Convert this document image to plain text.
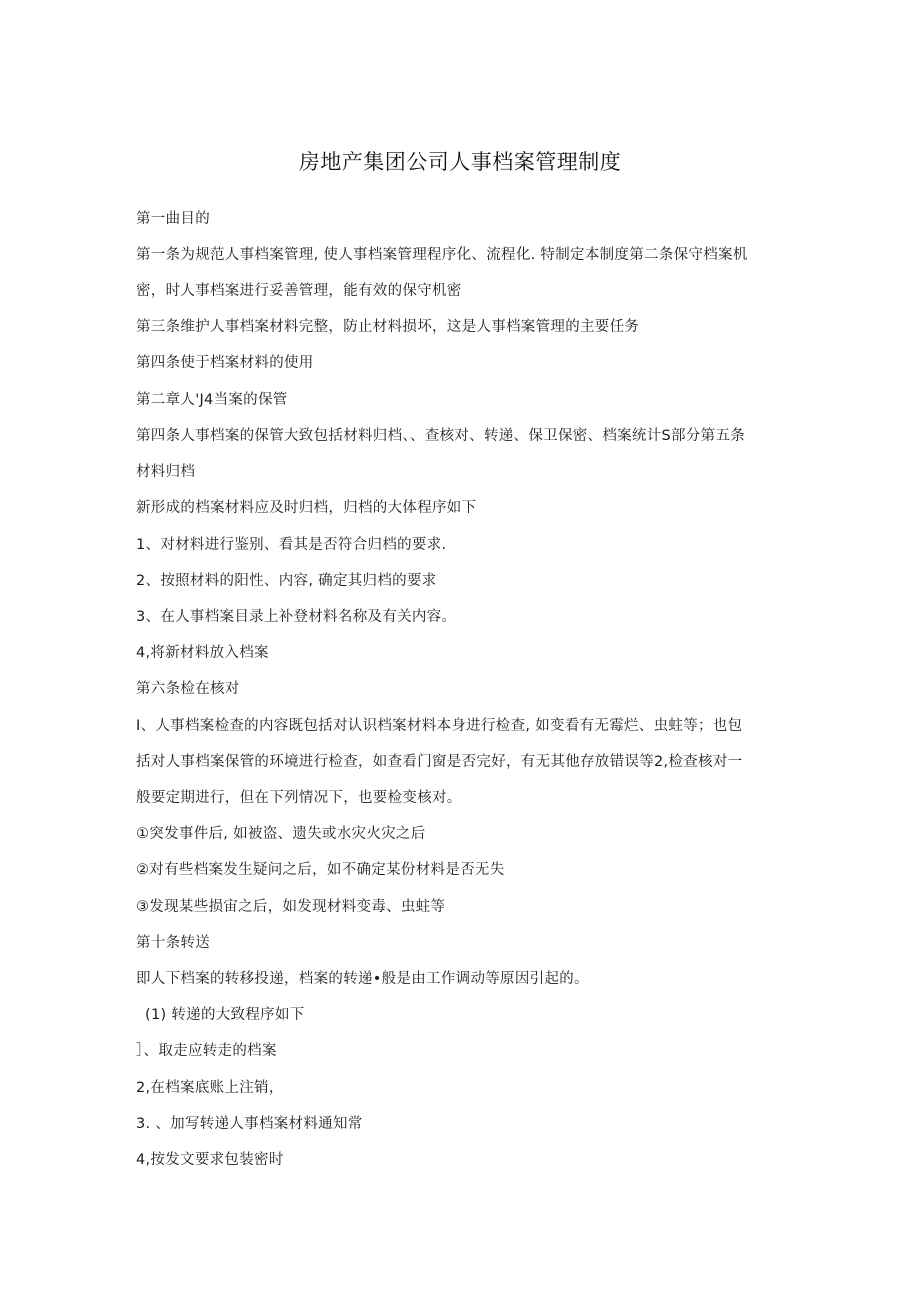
房地产集团公司人事档案管理制度
第一曲目的
第一条为规范人事档案管理, 使人事档案管理程序化、流程化. 特制定本制度第二条保守档案机
密，时人事档案进行妥善管理，能有效的保守机密
第三条维护人事档案材料完整，防止材料损坏，这是人事档案管理的主要任务
第四条使于档案材料的使用
第二章人'J4当案的保管
第四条人事档案的保管大致包括材料归档、、查核对、转递、保卫保密、档案统计S部分第五条
材料归档
新形成的档案材料应及时归档，归档的大体程序如下
1、对材料进行鉴别、看其是否符合归档的要求.
2、按照材料的阳性、内容, 确定其归档的要求
3、在人事档案目录上补登材料名称及有关内容。
4,将新材料放入档案
第六条检在核对
I、人事档案检查的内容既包括对认识档案材料本身进行检查, 如变看有无霉烂、虫蛀等；也包
括对人事档案保管的环境进行检查，如查看门窗是否完好，有无其他存放错误等2,检查核对一
般要定期进行，但在下列情况下，也要检变核对。
①突发事件后, 如被盗、遗失或水灾火灾之后
②对有些档案发生疑问之后，如不确定某份材料是否无失
③发现某些损宙之后，如发现材料变毒、虫蛀等
第十条转送
即人下档案的转移投递，档案的转递•般是由工作调动等原因引起的。
(1) 转递的大致程序如下
］、取走应转走的档案
2,在档案底账上注销，
3. 、加写转递人事档案材料通知常
4,按发文要求包装密时
